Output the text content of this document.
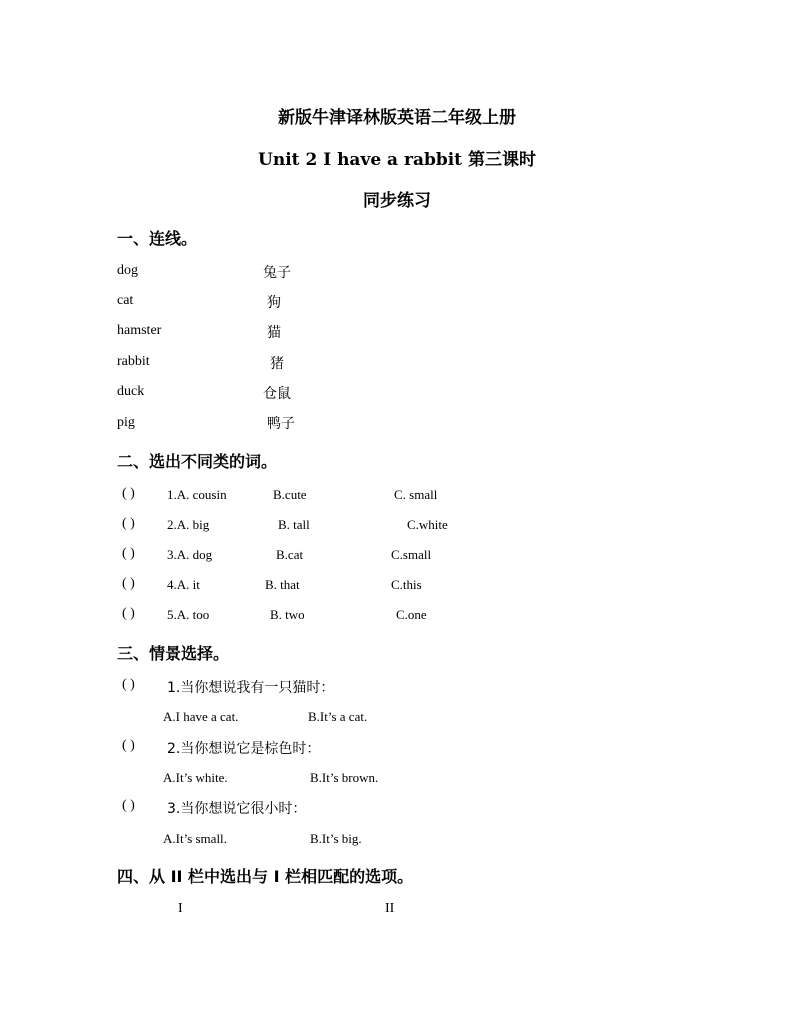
新版牛津译林版英语二年级上册
Unit 2 I have a rabbit 第三课时
同步练习
一、连线。
dog	兔子
cat	狗
hamster	猫
rabbit	猪
duck	仓鼠
pig	鸭子
二、选出不同类的词。
( ) 1.A. cousin	B.cute	C. small
( ) 2.A. big	B. tall	C.white
( ) 3.A. dog	B.cat	C.small
( ) 4.A. it	B. that	C.this
( ) 5.A. too	B. two	C.one
三、情景选择。
( ) 1.当你想说我有一只猫时：
A.I have a cat.	B.It’s a cat.
( ) 2.当你想说它是棕色时：
A.It’s white.	B.It’s brown.
( ) 3.当你想说它很小时：
A.It’s small.	B.It’s big.
四、从 II 栏中选出与 I 栏相匹配的选项。
I	II
